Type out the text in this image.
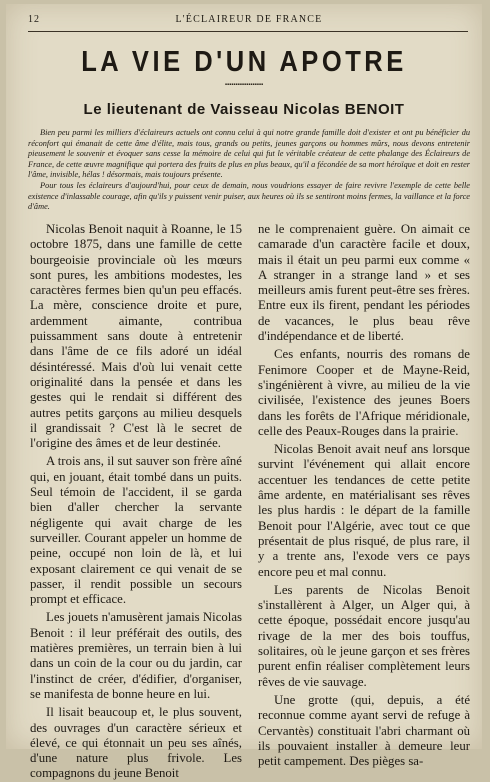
12	L'ÉCLAIREUR DE FRANCE
LA VIE D'UN APOTRE
▪▪▪▪▪▪▪▪▪▪▪▪▪▪▪▪▪▪
Le lieutenant de Vaisseau Nicolas BENOIT

Bien peu parmi les milliers d'éclaireurs actuels ont connu celui à qui notre grande famille doit d'exister et ont pu bénéficier du réconfort qui émanait de cette âme d'élite, mais tous, grands ou petits, jeunes garçons ou hommes mûrs, nous devons entretenir pieusement le souvenir et évoquer sans cesse la mémoire de celui qui fut le véritable créateur de cette phalange des Éclaireurs de France, de cette œuvre magnifique qui portera des fruits de plus en plus beaux, qu'il a fécondée de sa mort héroïque et doit en rester l'âme, invisible, hélas ! désormais, mais toujours présente.

Pour tous les éclaireurs d'aujourd'hui, pour ceux de demain, nous voudrions essayer de faire revivre l'exemple de cette belle existence d'inlassable courage, afin qu'ils y puissent venir puiser, aux heures où ils se sentiront moins fermes, la vaillance et la force d'âme.

Nicolas Benoit naquit à Roanne, le 15 octobre 1875, dans une famille de cette bourgeoisie provinciale où les mœurs sont pures, les ambitions modestes, les caractères fermes bien qu'un peu effacés. La mère, conscience droite et pure, ardemment aimante, contribua puissamment sans doute à entretenir dans l'âme de ce fils adoré un idéal désintéressé. Mais d'où lui venait cette originalité dans la pensée et dans les gestes qui le rendait si différent des autres petits garçons au milieu desquels il grandissait ? C'est là le secret de l'origine des âmes et de leur destinée.

A trois ans, il sut sauver son frère aîné qui, en jouant, était tombé dans un puits. Seul témoin de l'accident, il se garda bien d'aller chercher la servante négligente qui avait charge de les surveiller. Courant appeler un homme de peine, occupé non loin de là, et lui exposant clairement ce qui venait de se passer, il rendit possible un secours prompt et efficace.

Les jouets n'amusèrent jamais Nicolas Benoit : il leur préférait des outils, des matières premières, un terrain bien à lui dans un coin de la cour ou du jardin, car l'instinct de créer, d'édifier, d'organiser, se manifesta de bonne heure en lui.

Il lisait beaucoup et, le plus souvent, des ouvrages d'un caractère sérieux et élevé, ce qui étonnait un peu ses aînés, d'une nature plus frivole. Les compagnons du jeune Benoit

ne le comprenaient guère. On aimait ce camarade d'un caractère facile et doux, mais il était un peu parmi eux comme « A stranger in a strange land » et ses meilleurs amis furent peut-être ses frères. Entre eux ils firent, pendant les périodes de vacances, le plus beau rêve d'indépendance et de liberté.

Ces enfants, nourris des romans de Fenimore Cooper et de Mayne-Reid, s'ingénièrent à vivre, au milieu de la vie civilisée, l'existence des jeunes Boers dans les forêts de l'Afrique méridionale, celle des Peaux-Rouges dans la prairie.

Nicolas Benoit avait neuf ans lorsque survint l'événement qui allait encore accentuer les tendances de cette petite âme ardente, en matérialisant ses rêves les plus hardis : le départ de la famille Benoit pour l'Algérie, avec tout ce que présentait de plus risqué, de plus rare, il y a trente ans, l'exode vers ce pays encore peu et mal connu.

Les parents de Nicolas Benoit s'installèrent à Alger, un Alger qui, à cette époque, possédait encore jusqu'au rivage de la mer des bois touffus, solitaires, où le jeune garçon et ses frères purent enfin réaliser complètement leurs rêves de vie sauvage.

Une grotte (qui, depuis, a été reconnue comme ayant servi de refuge à Cervantès) constituait l'abri charmant où ils pouvaient installer à demeure leur petit campement. Des pièges sa-
